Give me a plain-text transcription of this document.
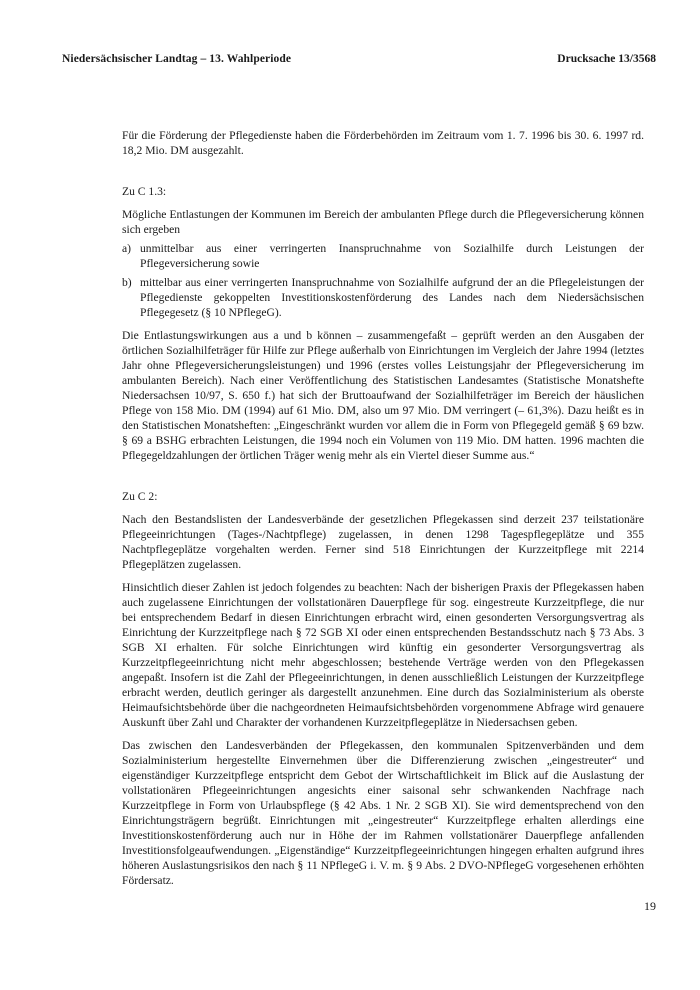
Niedersächsischer Landtag – 13. Wahlperiode	Drucksache 13/3568

Für die Förderung der Pflegedienste haben die Förderbehörden im Zeitraum vom 1. 7. 1996 bis 30. 6. 1997 rd. 18,2 Mio. DM ausgezahlt.

Zu C 1.3:

Mögliche Entlastungen der Kommunen im Bereich der ambulanten Pflege durch die Pflegeversicherung können sich ergeben

a) unmittelbar aus einer verringerten Inanspruchnahme von Sozialhilfe durch Leistungen der Pflegeversicherung sowie
b) mittelbar aus einer verringerten Inanspruchnahme von Sozialhilfe aufgrund der an die Pflegeleistungen der Pflegedienste gekoppelten Investitionskostenförderung des Landes nach dem Niedersächsischen Pflegegesetz (§ 10 NPflegeG).

Die Entlastungswirkungen aus a und b können – zusammengefaßt – geprüft werden an den Ausgaben der örtlichen Sozialhilfeträger für Hilfe zur Pflege außerhalb von Einrichtungen im Vergleich der Jahre 1994 (letztes Jahr ohne Pflegeversicherungsleistungen) und 1996 (erstes volles Leistungsjahr der Pflegeversicherung im ambulanten Bereich). Nach einer Veröffentlichung des Statistischen Landesamtes (Statistische Monatshefte Niedersachsen 10/97, S. 650 f.) hat sich der Bruttoaufwand der Sozialhilfeträger im Bereich der häuslichen Pflege von 158 Mio. DM (1994) auf 61 Mio. DM, also um 97 Mio. DM verringert (– 61,3%). Dazu heißt es in den Statistischen Monatsheften: „Eingeschränkt wurden vor allem die in Form von Pflegegeld gemäß § 69 bzw. § 69 a BSHG erbrachten Leistungen, die 1994 noch ein Volumen von 119 Mio. DM hatten. 1996 machten die Pflegegeldzahlungen der örtlichen Träger wenig mehr als ein Viertel dieser Summe aus.“

Zu C 2:

Nach den Bestandslisten der Landesverbände der gesetzlichen Pflegekassen sind derzeit 237 teilstationäre Pflegeeinrichtungen (Tages-/Nachtpflege) zugelassen, in denen 1298 Tagespflegeplätze und 355 Nachtpflegeplätze vorgehalten werden. Ferner sind 518 Einrichtungen der Kurzzeitpflege mit 2214 Pflegeplätzen zugelassen.

Hinsichtlich dieser Zahlen ist jedoch folgendes zu beachten: Nach der bisherigen Praxis der Pflegekassen haben auch zugelassene Einrichtungen der vollstationären Dauerpflege für sog. eingestreute Kurzzeitpflege, die nur bei entsprechendem Bedarf in diesen Einrichtungen erbracht wird, einen gesonderten Versorgungsvertrag als Einrichtung der Kurzzeitpflege nach § 72 SGB XI oder einen entsprechenden Bestandsschutz nach § 73 Abs. 3 SGB XI erhalten. Für solche Einrichtungen wird künftig ein gesonderter Versorgungsvertrag als Kurzzeitpflegeeinrichtung nicht mehr abgeschlossen; bestehende Verträge werden von den Pflegekassen angepaßt. Insofern ist die Zahl der Pflegeeinrichtungen, in denen ausschließlich Leistungen der Kurzzeitpflege erbracht werden, deutlich geringer als dargestellt anzunehmen. Eine durch das Sozialministerium als oberste Heimaufsichtsbehörde über die nachgeordneten Heimaufsichtsbehörden vorgenommene Abfrage wird genauere Auskunft über Zahl und Charakter der vorhandenen Kurzzeitpflegeplätze in Niedersachsen geben.

Das zwischen den Landesverbänden der Pflegekassen, den kommunalen Spitzenverbänden und dem Sozialministerium hergestellte Einvernehmen über die Differenzierung zwischen „eingestreuter“ und eigenständiger Kurzzeitpflege entspricht dem Gebot der Wirtschaftlichkeit im Blick auf die Auslastung der vollstationären Pflegeeinrichtungen angesichts einer saisonal sehr schwankenden Nachfrage nach Kurzzeitpflege in Form von Urlaubspflege (§ 42 Abs. 1 Nr. 2 SGB XI). Sie wird dementsprechend von den Einrichtungsträgern begrüßt. Einrichtungen mit „eingestreuter“ Kurzzeitpflege erhalten allerdings eine Investitionskostenförderung auch nur in Höhe der im Rahmen vollstationärer Dauerpflege anfallenden Investitionsfolgeaufwendungen. „Eigenständige“ Kurzzeitpflegeeinrichtungen hingegen erhalten aufgrund ihres höheren Auslastungsrisikos den nach § 11 NPflegeG i. V. m. § 9 Abs. 2 DVO-NPflegeG vorgesehenen erhöhten Fördersatz.

19
